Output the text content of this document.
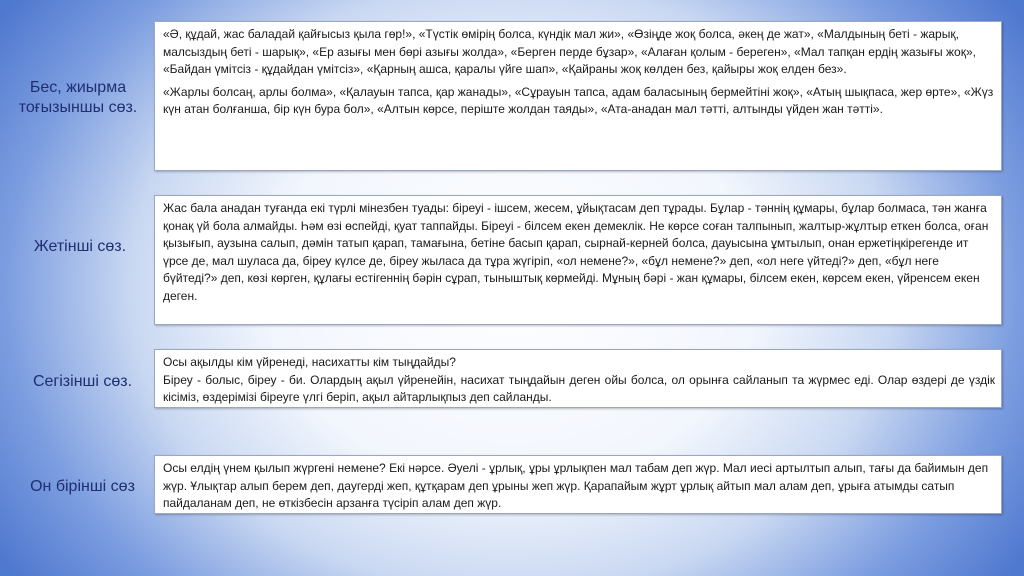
Бес, жиырма
тоғызыншы сөз.

«Ә, құдай, жас баладай қайғысыз қыла гөр!», «Түстік өмірің болса, күндік мал жи», «Өзіңде жоқ болса, әкең де жат», «Малдының беті - жарық, малсыздың беті - шарық», «Ер азығы мен бөрі азығы жолда», «Берген перде бұзар», «Алаған қолым - береген», «Мал тапқан ердің жазығы жоқ», «Байдан үмітсіз - құдайдан үмітсіз», «Қарның ашса, қаралы үйге шап», «Қайраны жоқ көлден без, қайыры жоқ елден без».

«Жарлы болсаң, арлы болма», «Қалауын тапса, қар жанады», «Сұрауын тапса, адам баласының бермейтіні жоқ», «Атың шықпаса, жер өрте», «Жүз күн атан болғанша, бір күн бура бол», «Алтын көрсе, періште жолдан таяды», «Ата-анадан мал тәтті, алтынды үйден жан тәтті».

Жетінші сөз.

Жас бала анадан туғанда екі түрлі мінезбен туады: біреуі - ішсем, жесем, ұйықтасам деп тұрады. Бұлар - тәннің құмары, бұлар болмаса, тән жанға қонақ үй бола алмайды. Һәм өзі өспейді, қуат таппайды. Біреуі - білсем екен демеклік. Не көрсе соған талпынып, жалтыр-жұлтыр еткен болса, оған қызығып, аузына салып, дәмін татып қарап, тамағына, бетіне басып қарап, сырнай-керней болса, дауысына ұмтылып, онан ержетіңкірегенде ит үрсе де, мал шуласа да, біреу күлсе де, біреу жыласа да тұра жүгіріп, «ол немене?», «бұл немене?» деп, «ол неге үйтеді?» деп, «бұл неге бүйтеді?» деп, көзі көрген, құлағы естігеннің бәрін сұрап, тыныштық көрмейді. Мұның бәрі - жан құмары, білсем екен, көрсем екен, үйренсем екен деген.

Сегізінші сөз.

Осы ақылды кім үйренеді, насихатты кім тыңдайды?

Біреу - болыс, біреу - би. Олардың ақыл үйренейін, насихат тыңдайын деген ойы болса, ол орынға сайланып та жүрмес еді. Олар өздері де үздік кісіміз, өздерімізі біреуге үлгі беріп, ақыл айтарлықпыз деп сайланды.

Он бірінші сөз

Осы елдің үнем қылып жүргені немене? Екі нәрсе. Әуелі - ұрлық, ұры ұрлықпен мал табам деп жүр. Мал иесі артылтып алып, тағы да байимын деп жүр. Ұлықтар алып берем деп, даугерді жеп, құтқарам деп ұрыны жеп жүр. Қарапайым жұрт ұрлық айтып мал алам деп, ұрыға атымды сатып пайдаланам деп, не өткізбесін арзанға түсіріп алам деп жүр.
